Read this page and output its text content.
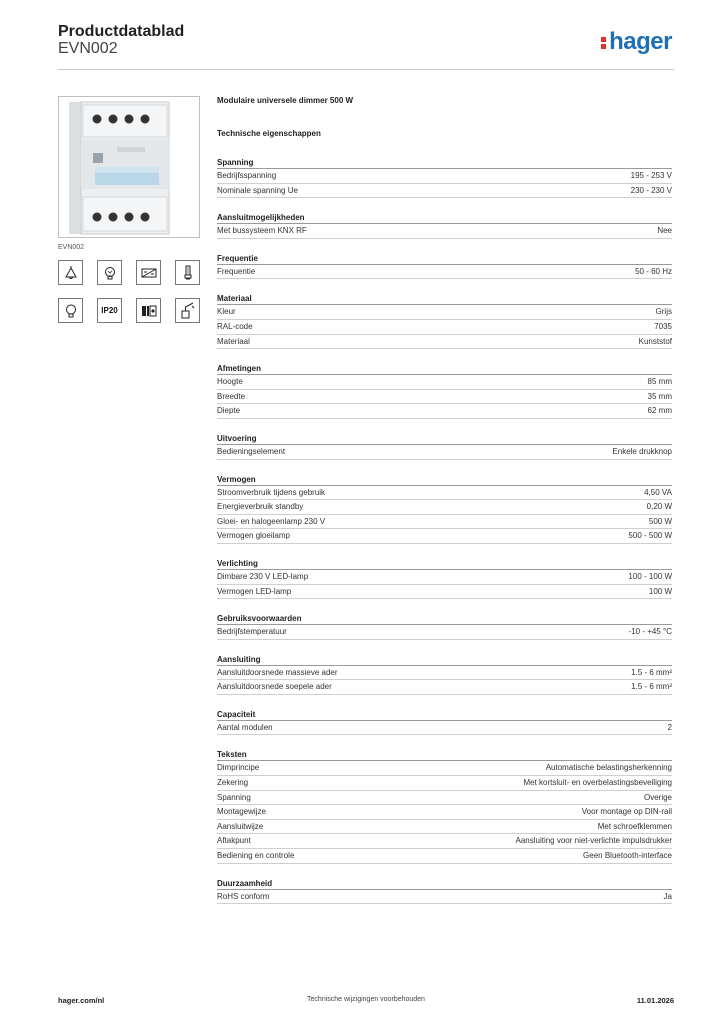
Productdatablad
EVN002	hager
EVN002
IP20
Modulaire universele dimmer 500 W
Technische eigenschappen
Spanning
Bedrijfsspanning	195 - 253 V
Nominale spanning Ue	230 - 230 V
Aansluitmogelijkheden
Met bussysteem KNX RF	Nee
Frequentie
Frequentie	50 - 60 Hz
Materiaal
Kleur	Grijs
RAL-code	7035
Materiaal	Kunststof
Afmetingen
Hoogte	85 mm
Breedte	35 mm
Diepte	62 mm
Uitvoering
Bedieningselement	Enkele drukknop
Vermogen
Stroomverbruik tijdens gebruik	4,50 VA
Energieverbruik standby	0,20 W
Gloei- en halogeenlamp 230 V	500 W
Vermogen gloeilamp	500 - 500 W
Verlichting
Dimbare 230 V LED-lamp	100 - 100 W
Vermogen LED-lamp	100 W
Gebruiksvoorwaarden
Bedrijfstemperatuur	-10 - +45 °C
Aansluiting
Aansluitdoorsnede massieve ader	1.5 - 6 mm²
Aansluitdoorsnede soepele ader	1.5 - 6 mm²
Capaciteit
Aantal modulen	2
Teksten
Dimprincipe	Automatische belastingsherkenning
Zekering	Met kortsluit- en overbelastingsbeveiliging
Spanning	Overige
Montagewijze	Voor montage op DIN-rail
Aansluitwijze	Met schroefklemmen
Aftakpunt	Aansluiting voor niet-verlichte impulsdrukker
Bediening en controle	Geen Bluetooth-interface
Duurzaamheid
RoHS conform	Ja
hager.com/nl	Technische wijzigingen voorbehouden	11.01.2026
